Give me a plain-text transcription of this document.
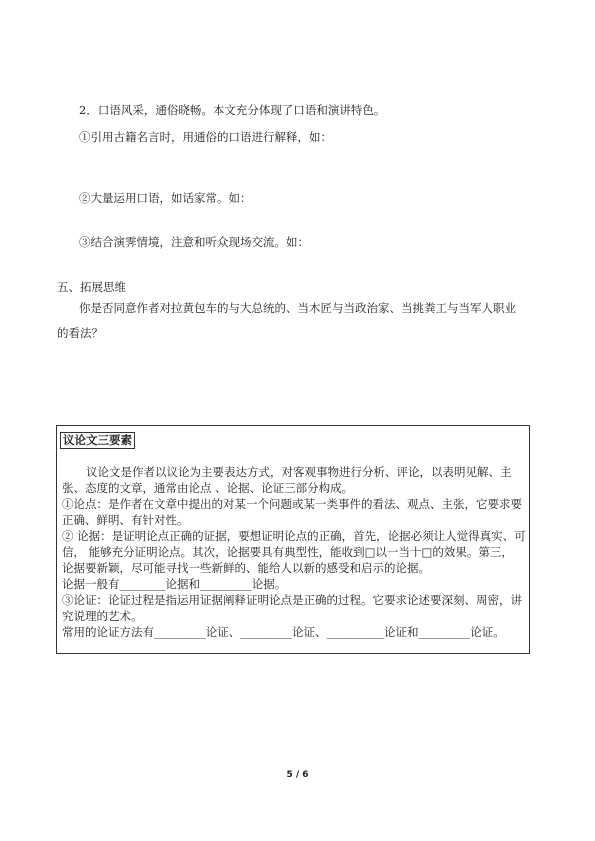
2．口语风采，通俗晓畅。本文充分体现了口语和演讲特色。
①引用古籍名言时，用通俗的口语进行解释，如：
②大量运用口语，如话家常。如：
③结合演霁情境，注意和听众现场交流。如：
五、拓展思维
你是否同意作者对拉黄包车的与大总统的、当木匠与当政治家、当挑粪工与当军人职业
的看法？
议论文三要素
议论文是作者以议论为主要表达方式，对客观事物进行分析、评论，以表明见解、主
张、态度的文章，通常由论点 、论据、论证三部分构成。
①论点：是作者在文章中提出的对某一个问题或某一类事件的看法、观点、主张，它要求要
正确、鲜明、有针对性。
② 论据：是证明论点正确的证据，要想证明论点的正确，首先，论据必须让人觉得真实、可
信， 能够充分证明论点。其次，论据要具有典型性，能收到□以一当十□的效果。第三，
论据要新颖，尽可能寻找一些新鲜的、能给人以新的感受和启示的论据。
论据一般有________论据和_________论据。
③论证：论证过程是指运用证据阐释证明论点是正确的过程。它要求论述要深刻、周密，讲
究说理的艺术。
常用的论证方法有_________论证、_________论证、__________论证和_________论证。
5 / 6
